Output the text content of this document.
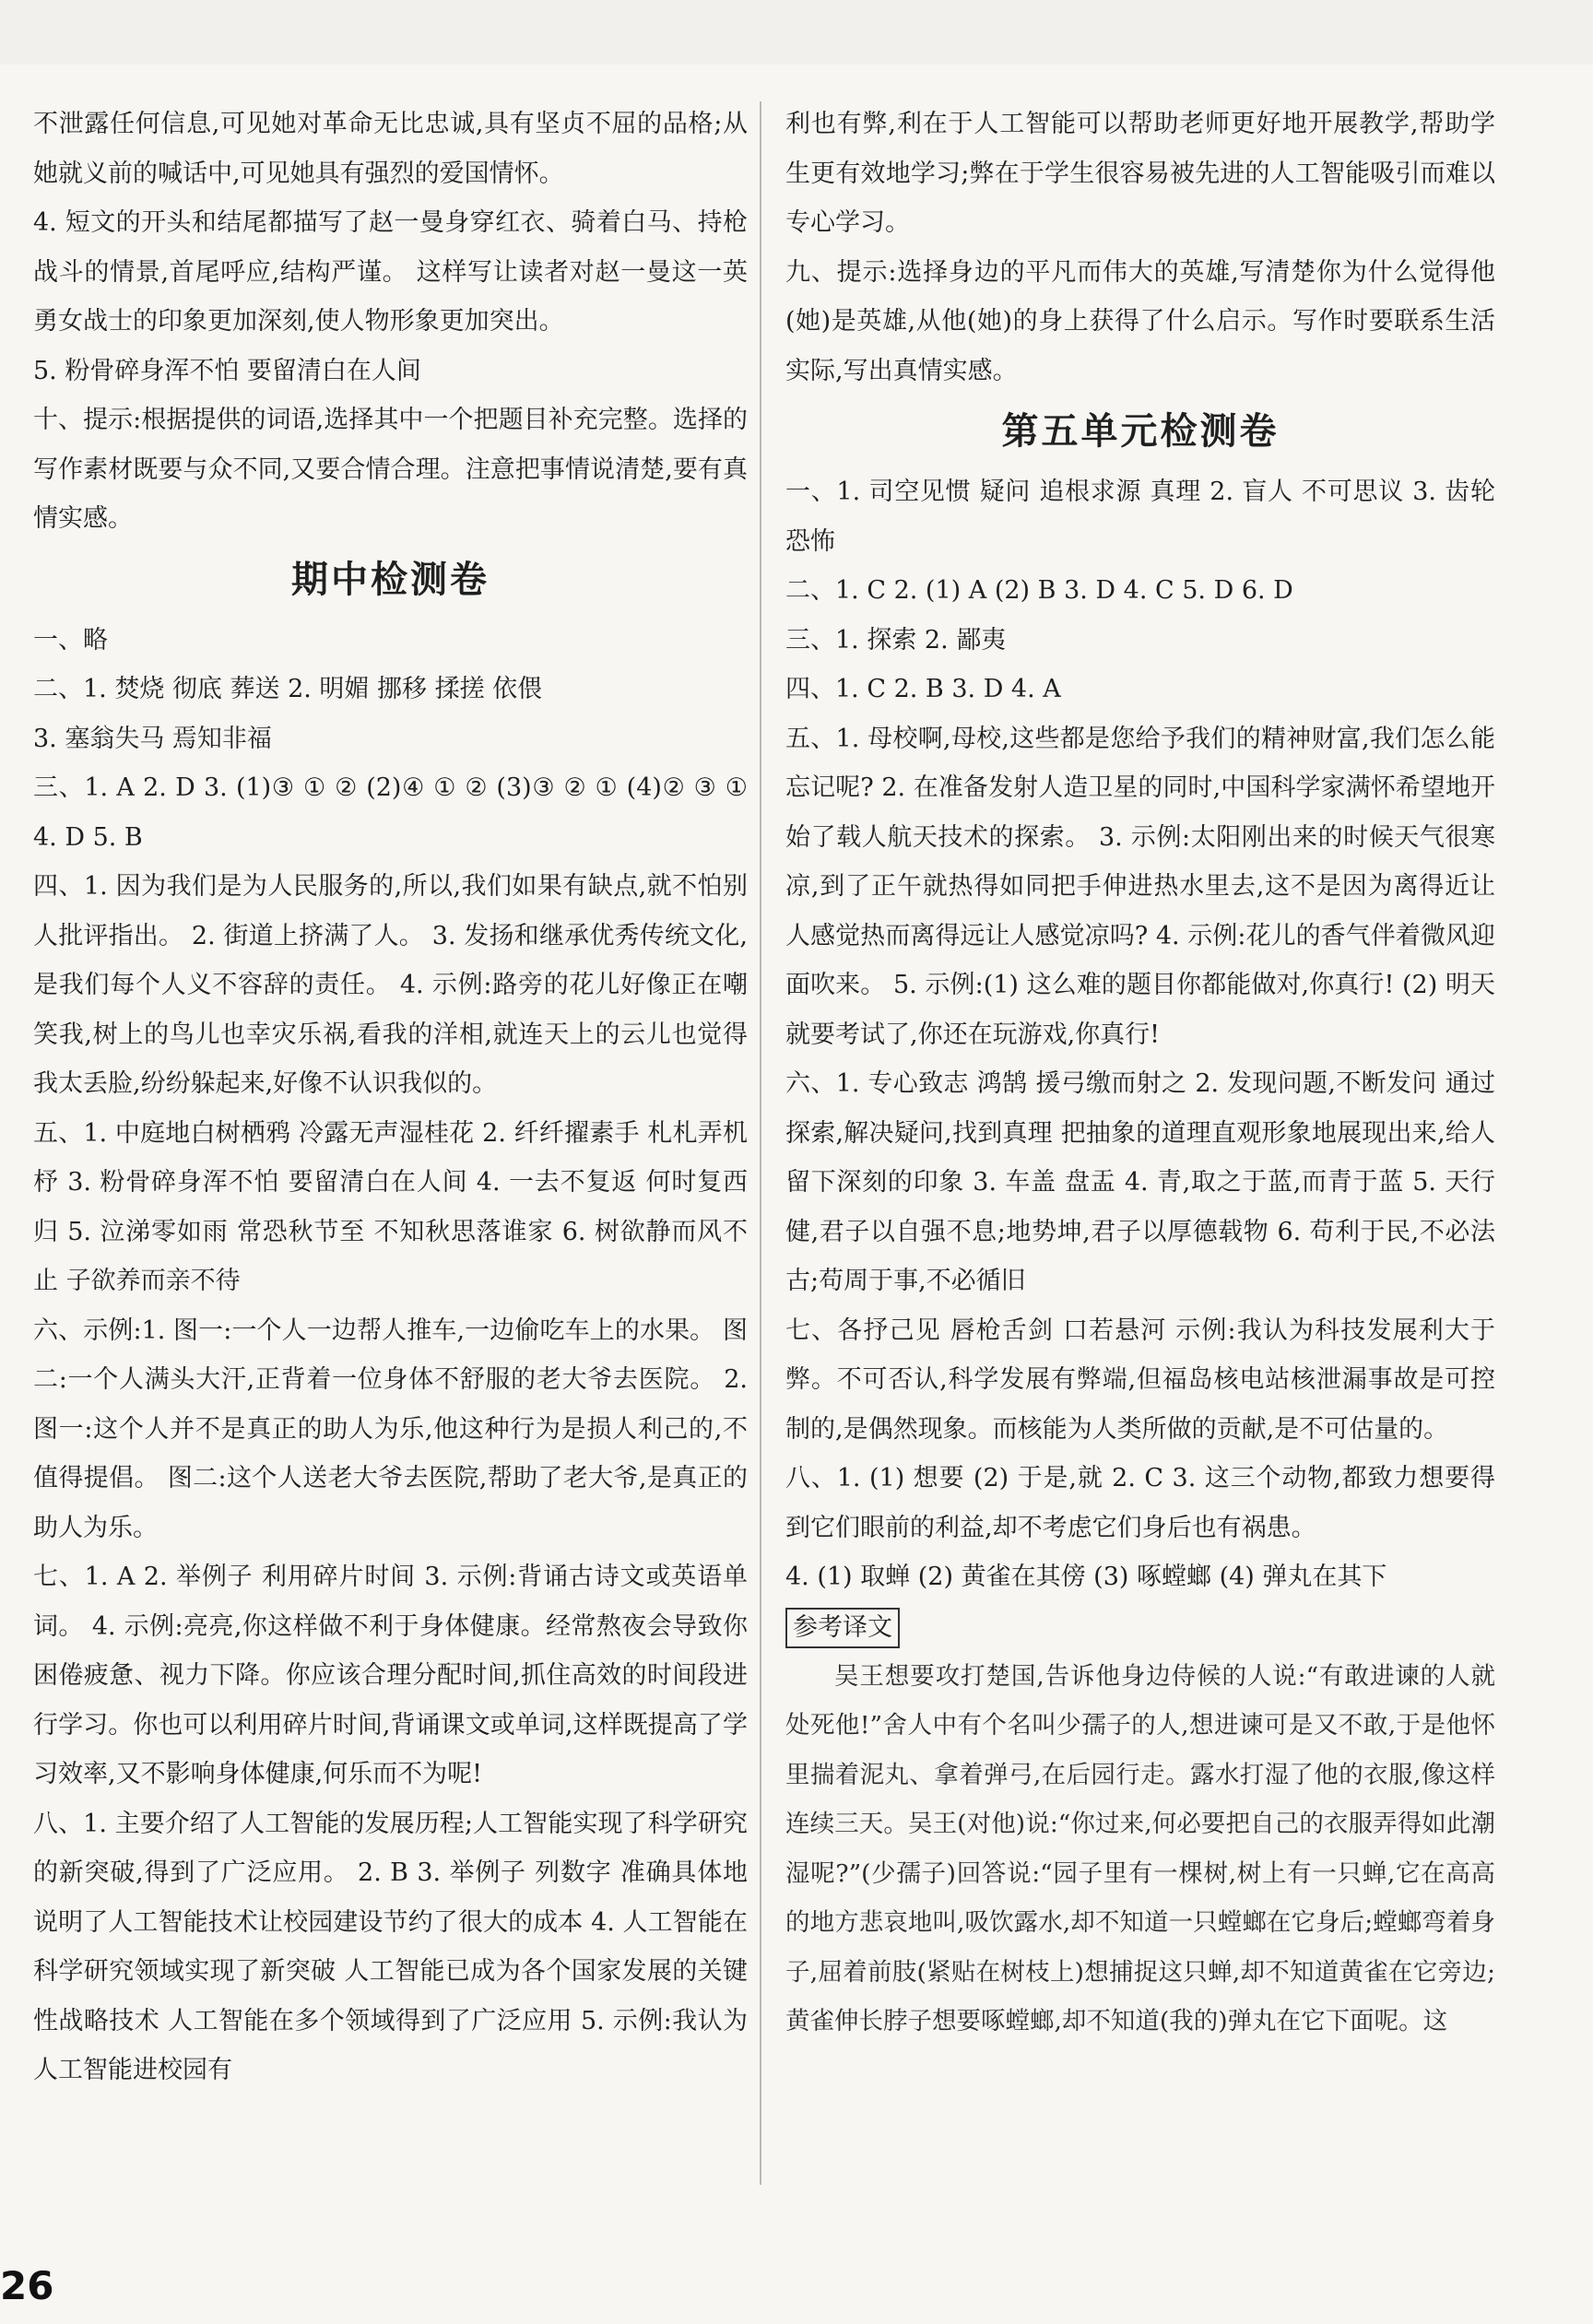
不泄露任何信息,可见她对革命无比忠诚,具有坚贞不屈的品格;从她就义前的喊话中,可见她具有强烈的爱国情怀。

4. 短文的开头和结尾都描写了赵一曼身穿红衣、骑着白马、持枪战斗的情景,首尾呼应,结构严谨。 这样写让读者对赵一曼这一英勇女战士的印象更加深刻,使人物形象更加突出。

5. 粉骨碎身浑不怕 要留清白在人间

十、提示:根据提供的词语,选择其中一个把题目补充完整。选择的写作素材既要与众不同,又要合情合理。注意把事情说清楚,要有真情实感。

期中检测卷

一、略

二、1. 焚烧 彻底 葬送 2. 明媚 挪移 揉搓 依偎

3. 塞翁失马 焉知非福

三、1. A 2. D 3. (1)③ ① ② (2)④ ① ② (3)③ ② ① (4)② ③ ① 4. D 5. B

四、1. 因为我们是为人民服务的,所以,我们如果有缺点,就不怕别人批评指出。 2. 街道上挤满了人。 3. 发扬和继承优秀传统文化,是我们每个人义不容辞的责任。 4. 示例:路旁的花儿好像正在嘲笑我,树上的鸟儿也幸灾乐祸,看我的洋相,就连天上的云儿也觉得我太丢脸,纷纷躲起来,好像不认识我似的。

五、1. 中庭地白树栖鸦 冷露无声湿桂花 2. 纤纤擢素手 札札弄机杼 3. 粉骨碎身浑不怕 要留清白在人间 4. 一去不复返 何时复西归 5. 泣涕零如雨 常恐秋节至 不知秋思落谁家 6. 树欲静而风不止 子欲养而亲不待

六、示例:1. 图一:一个人一边帮人推车,一边偷吃车上的水果。 图二:一个人满头大汗,正背着一位身体不舒服的老大爷去医院。 2. 图一:这个人并不是真正的助人为乐,他这种行为是损人利己的,不值得提倡。 图二:这个人送老大爷去医院,帮助了老大爷,是真正的助人为乐。

七、1. A 2. 举例子 利用碎片时间 3. 示例:背诵古诗文或英语单词。 4. 示例:亮亮,你这样做不利于身体健康。经常熬夜会导致你困倦疲惫、视力下降。你应该合理分配时间,抓住高效的时间段进行学习。你也可以利用碎片时间,背诵课文或单词,这样既提高了学习效率,又不影响身体健康,何乐而不为呢!

八、1. 主要介绍了人工智能的发展历程;人工智能实现了科学研究的新突破,得到了广泛应用。 2. B 3. 举例子 列数字 准确具体地说明了人工智能技术让校园建设节约了很大的成本 4. 人工智能在科学研究领域实现了新突破 人工智能已成为各个国家发展的关键性战略技术 人工智能在多个领域得到了广泛应用 5. 示例:我认为人工智能进校园有

利也有弊,利在于人工智能可以帮助老师更好地开展教学,帮助学生更有效地学习;弊在于学生很容易被先进的人工智能吸引而难以专心学习。

九、提示:选择身边的平凡而伟大的英雄,写清楚你为什么觉得他(她)是英雄,从他(她)的身上获得了什么启示。写作时要联系生活实际,写出真情实感。

第五单元检测卷

一、1. 司空见惯 疑问 追根求源 真理 2. 盲人 不可思议 3. 齿轮 恐怖

二、1. C 2. (1) A (2) B 3. D 4. C 5. D 6. D

三、1. 探索 2. 鄙夷

四、1. C 2. B 3. D 4. A

五、1. 母校啊,母校,这些都是您给予我们的精神财富,我们怎么能忘记呢? 2. 在准备发射人造卫星的同时,中国科学家满怀希望地开始了载人航天技术的探索。 3. 示例:太阳刚出来的时候天气很寒凉,到了正午就热得如同把手伸进热水里去,这不是因为离得近让人感觉热而离得远让人感觉凉吗? 4. 示例:花儿的香气伴着微风迎面吹来。 5. 示例:(1) 这么难的题目你都能做对,你真行! (2) 明天就要考试了,你还在玩游戏,你真行!

六、1. 专心致志 鸿鹄 援弓缴而射之 2. 发现问题,不断发问 通过探索,解决疑问,找到真理 把抽象的道理直观形象地展现出来,给人留下深刻的印象 3. 车盖 盘盂 4. 青,取之于蓝,而青于蓝 5. 天行健,君子以自强不息;地势坤,君子以厚德载物 6. 苟利于民,不必法古;苟周于事,不必循旧

七、各抒己见 唇枪舌剑 口若悬河 示例:我认为科技发展利大于弊。不可否认,科学发展有弊端,但福岛核电站核泄漏事故是可控制的,是偶然现象。而核能为人类所做的贡献,是不可估量的。

八、1. (1) 想要 (2) 于是,就 2. C 3. 这三个动物,都致力想要得到它们眼前的利益,却不考虑它们身后也有祸患。

4. (1) 取蝉 (2) 黄雀在其傍 (3) 啄螳螂 (4) 弹丸在其下

参考译文

吴王想要攻打楚国,告诉他身边侍候的人说:“有敢进谏的人就处死他!”舍人中有个名叫少孺子的人,想进谏可是又不敢,于是他怀里揣着泥丸、拿着弹弓,在后园行走。露水打湿了他的衣服,像这样连续三天。吴王(对他)说:“你过来,何必要把自己的衣服弄得如此潮湿呢?”(少孺子)回答说:“园子里有一棵树,树上有一只蝉,它在高高的地方悲哀地叫,吸饮露水,却不知道一只螳螂在它身后;螳螂弯着身子,屈着前肢(紧贴在树枝上)想捕捉这只蝉,却不知道黄雀在它旁边;黄雀伸长脖子想要啄螳螂,却不知道(我的)弹丸在它下面呢。这

26
